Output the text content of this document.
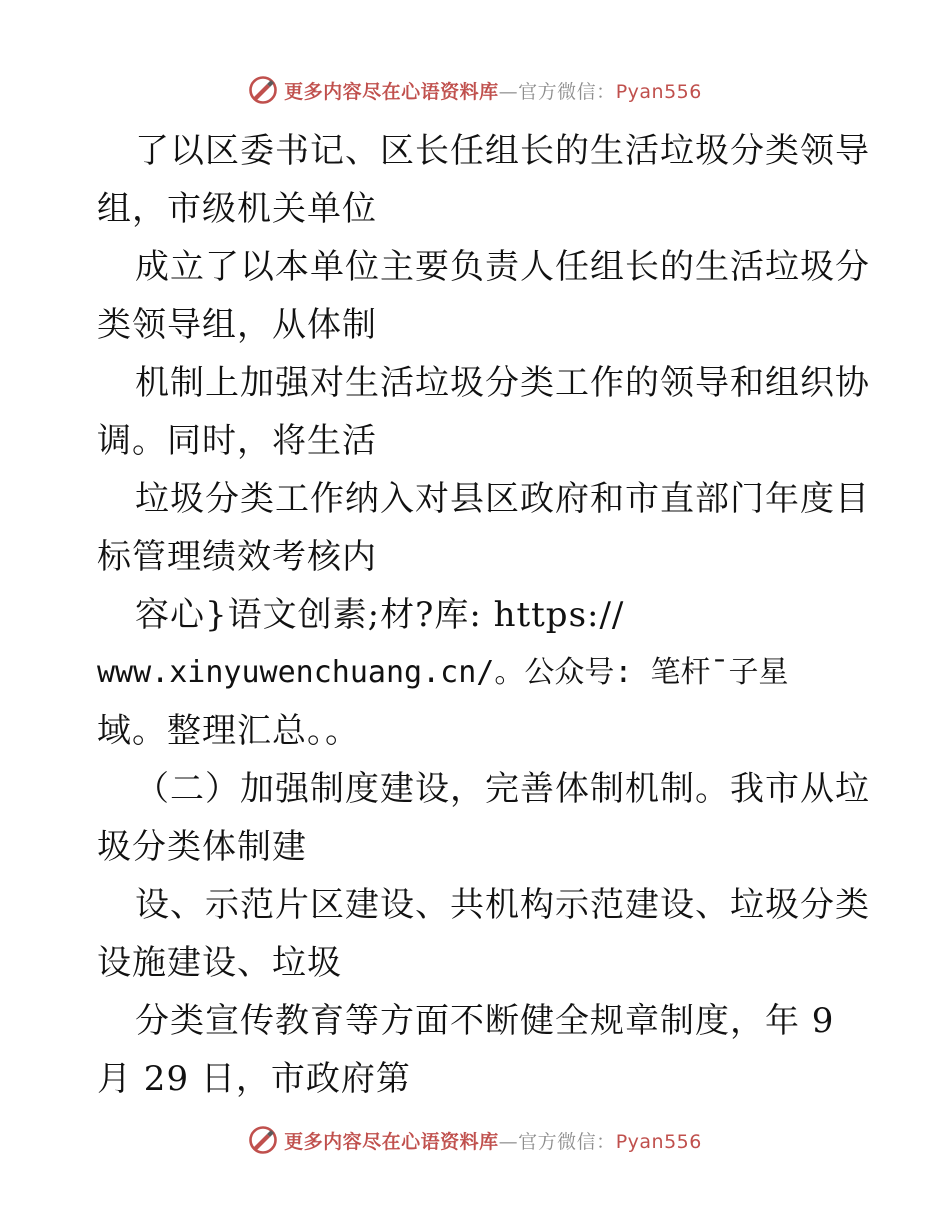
更多内容尽在心语资料库—官方微信：Pyan556
了以区委书记、区长任组长的生活垃圾分类领导
组，市级机关单位
成立了以本单位主要负责人任组长的生活垃圾分
类领导组，从体制
机制上加强对生活垃圾分类工作的领导和组织协
调。同时，将生活
垃圾分类工作纳入对县区政府和市直部门年度目
标管理绩效考核内
容心}语文创素;材?库: https://
www.xinyuwenchuang.cn/。公众号: 笔杆¯子星
域。整理汇总。。
（二）加强制度建设，完善体制机制。我市从垃
圾分类体制建
设、示范片区建设、共机构示范建设、垃圾分类
设施建设、垃圾
分类宣传教育等方面不断健全规章制度，年 9
月 29 日，市政府第
更多内容尽在心语资料库—官方微信：Pyan556
